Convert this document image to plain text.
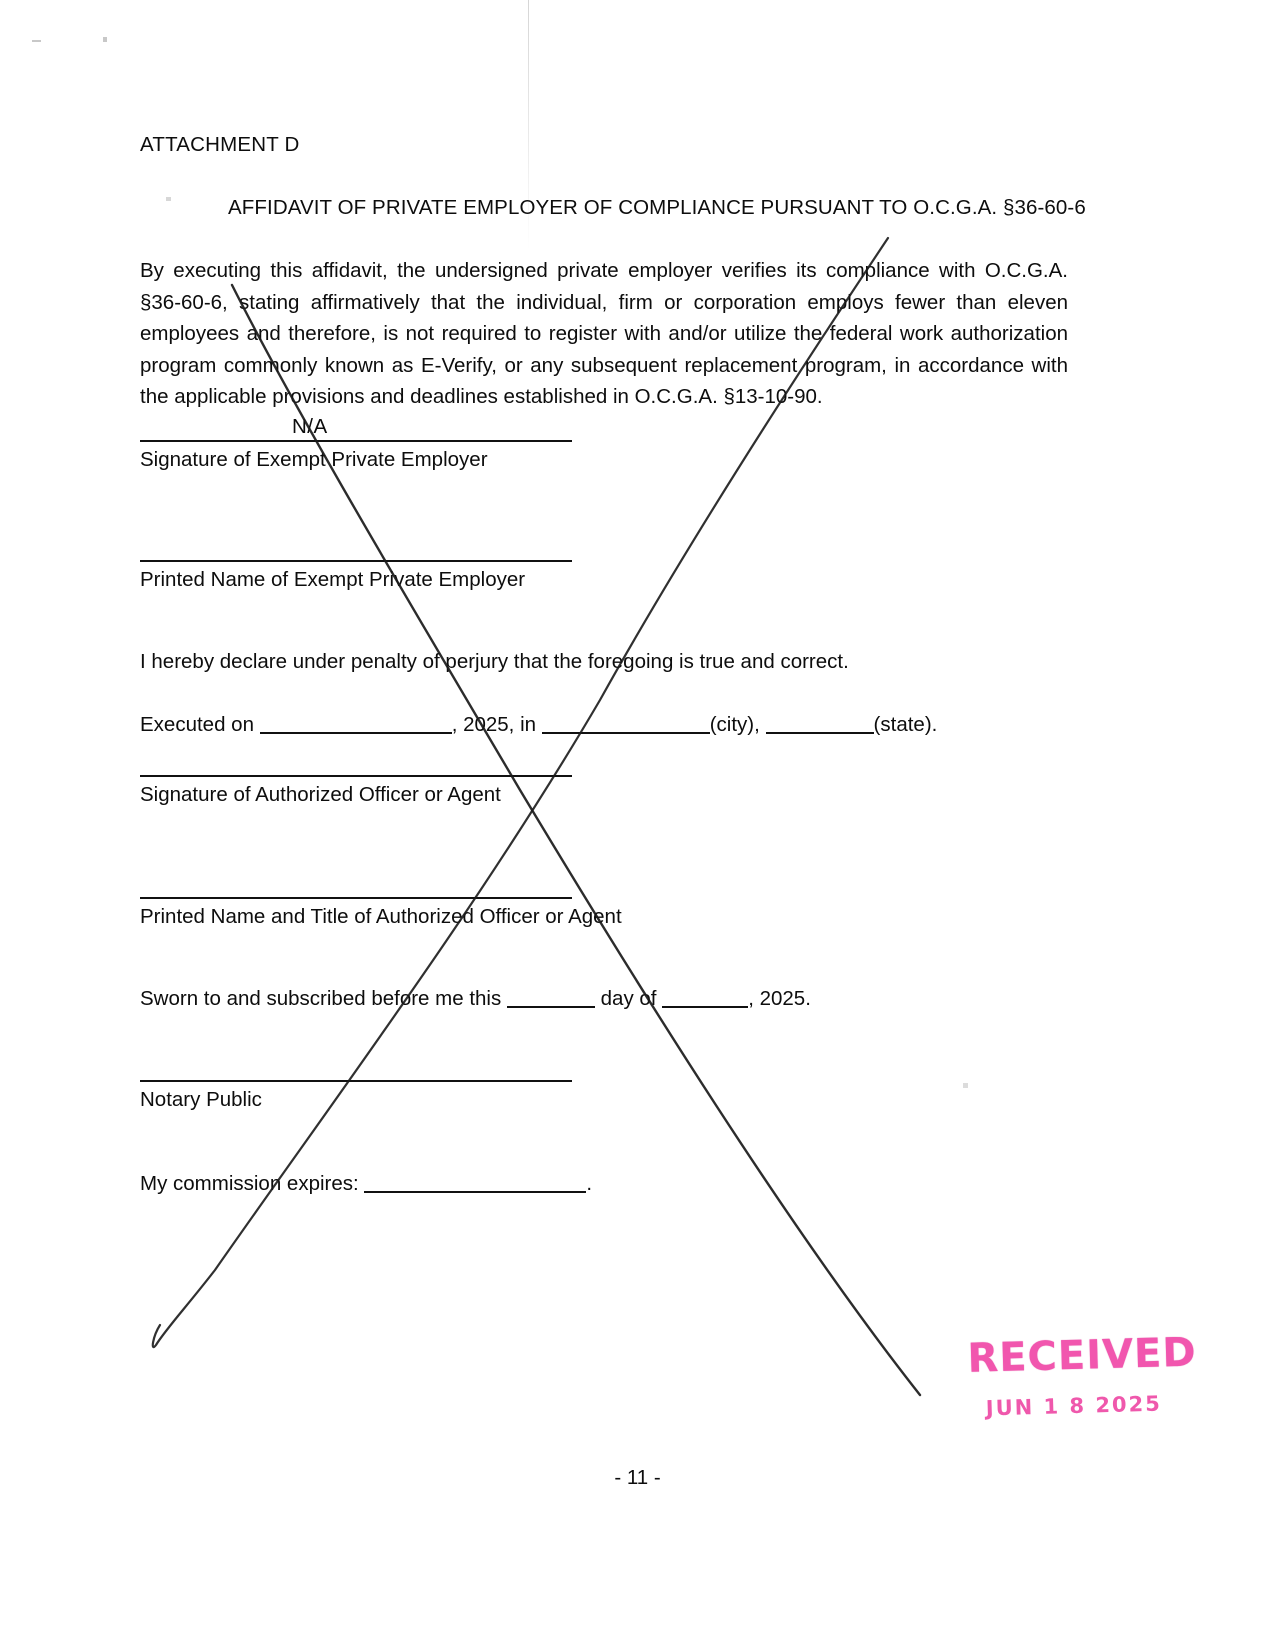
ATTACHMENT D
AFFIDAVIT OF PRIVATE EMPLOYER OF COMPLIANCE PURSUANT TO O.C.G.A. §36-60-6
By executing this affidavit, the undersigned private employer verifies its compliance with O.C.G.A. §36-60-6, stating affirmatively that the individual, firm or corporation employs fewer than eleven employees and therefore, is not required to register with and/or utilize the federal work authorization program commonly known as E-Verify, or any subsequent replacement program, in accordance with the applicable provisions and deadlines established in O.C.G.A. §13-10-90.
N/A
Signature of Exempt Private Employer
Printed Name of Exempt Private Employer
I hereby declare under penalty of perjury that the foregoing is true and correct.
Executed on	, 2025, in	(city),	(state).
Signature of Authorized Officer or Agent
Printed Name and Title of Authorized Officer or Agent
Sworn to and subscribed before me this	day of	, 2025.
Notary Public
My commission expires:	.
- 11 -
RECEIVED
JUN 1 8 2025
